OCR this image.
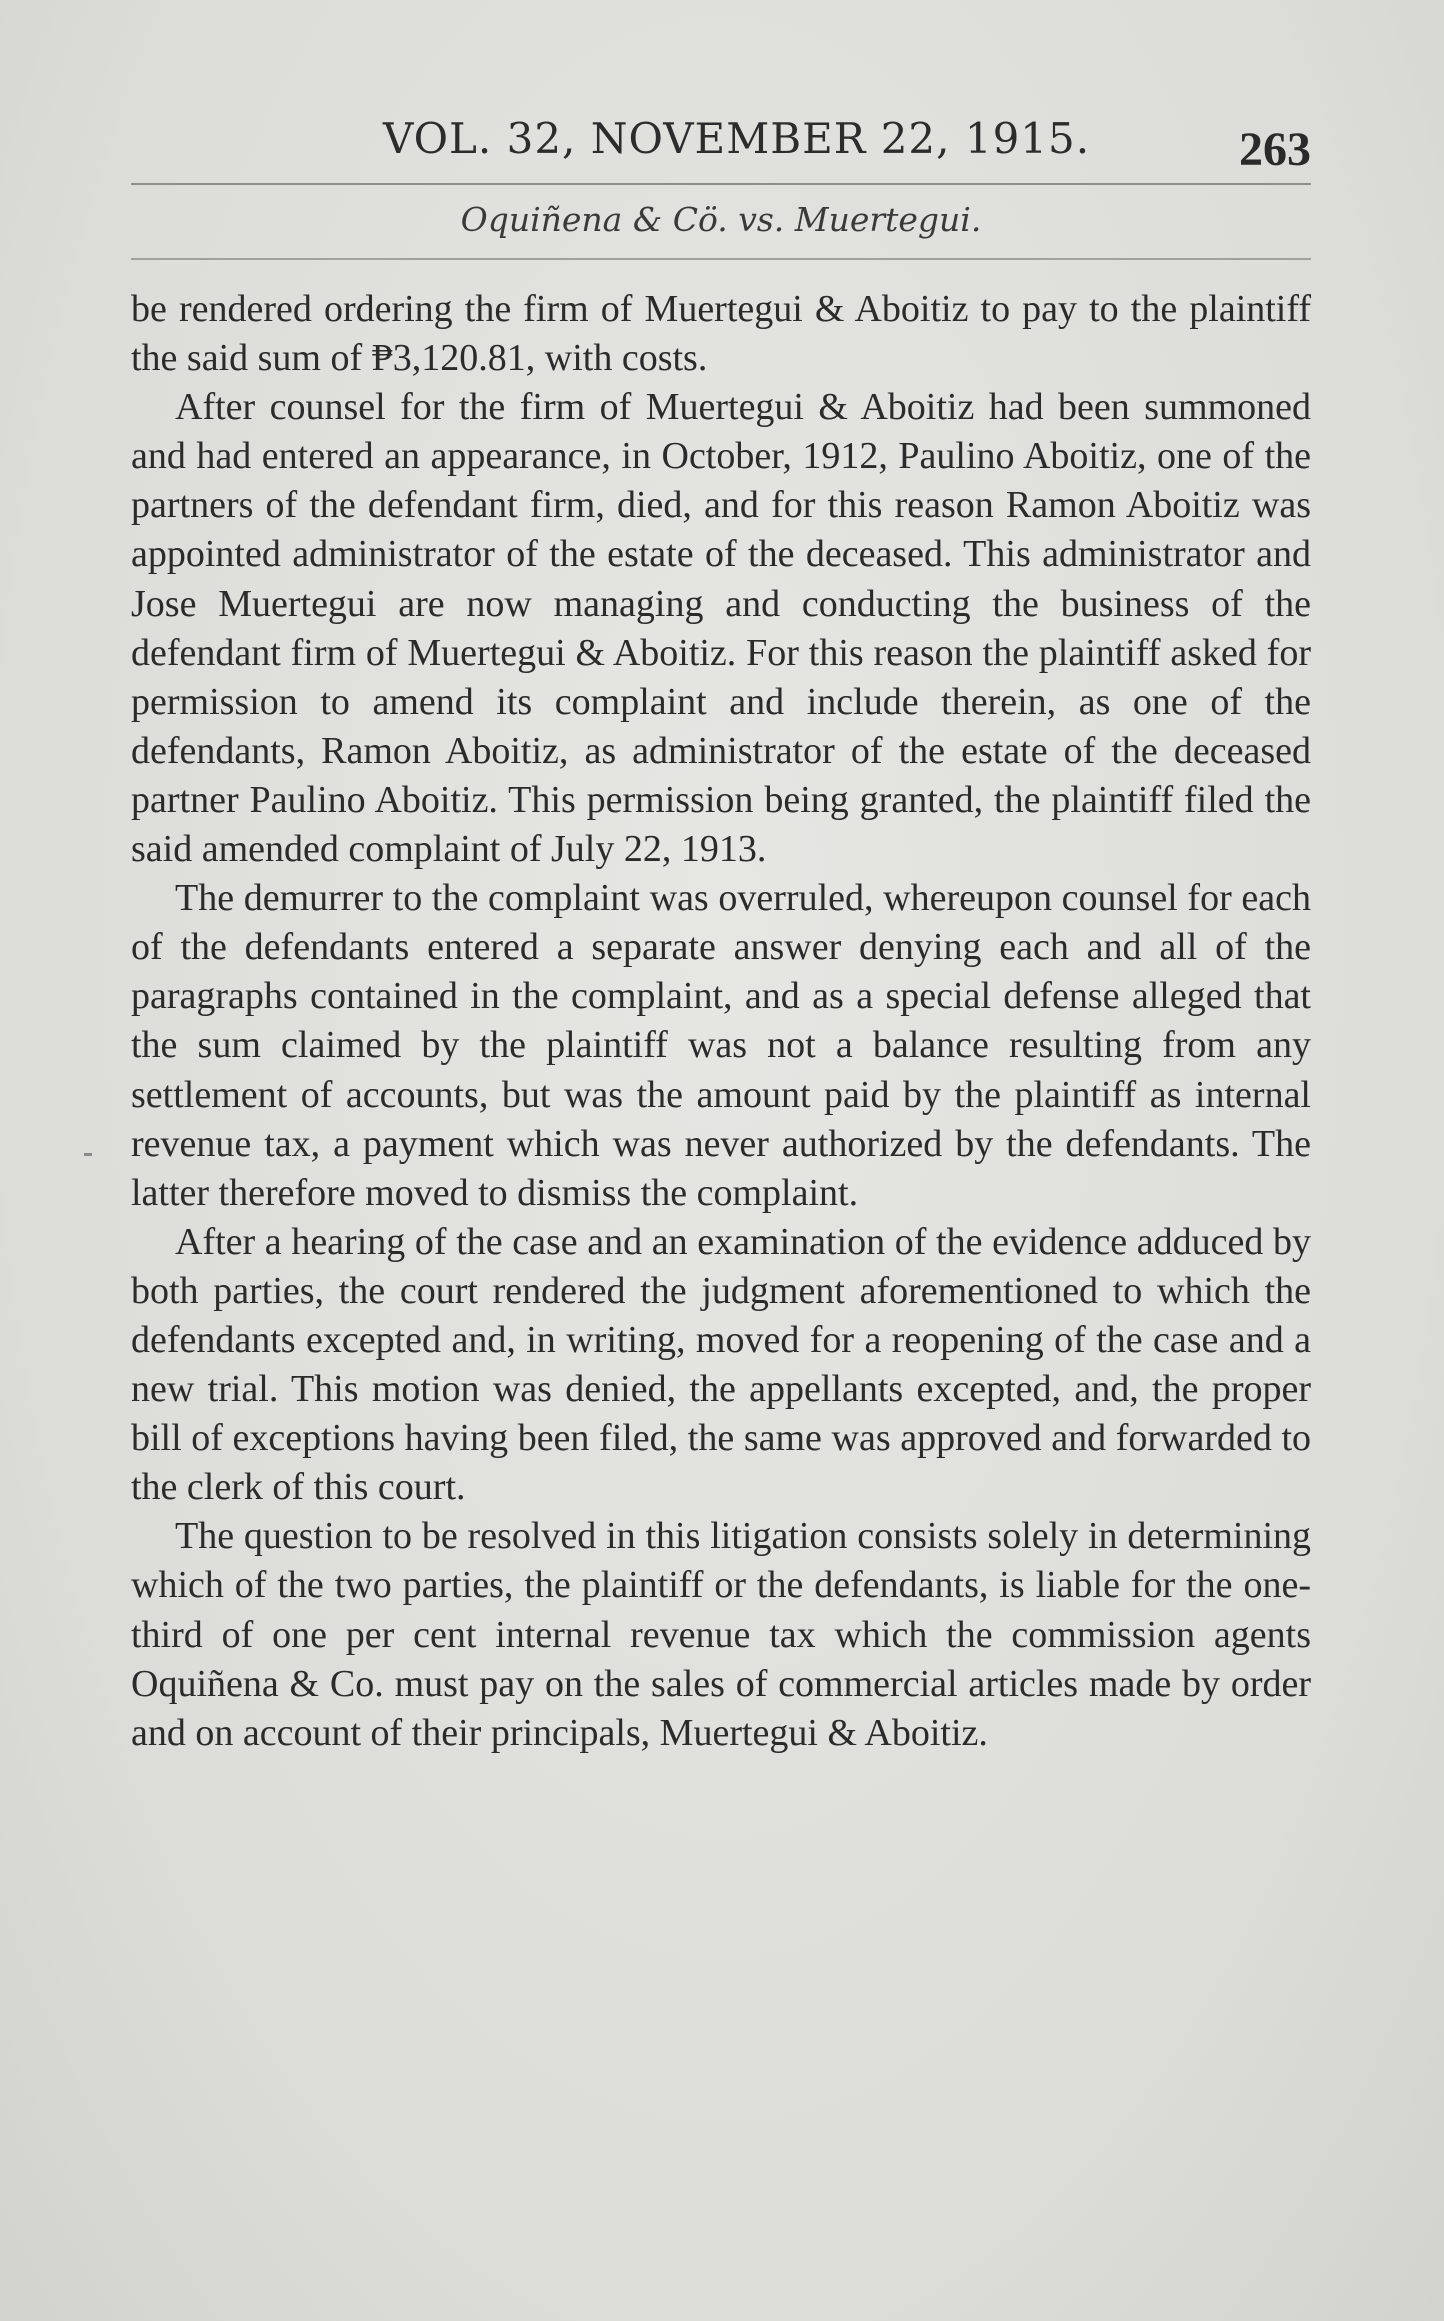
VOL. 32, NOVEMBER 22, 1915.	263
Oquiñena & Cö. vs. Muertegui.

be rendered ordering the firm of Muertegui & Aboitiz to pay to the plaintiff the said sum of ₱3,120.81, with costs.

After counsel for the firm of Muertegui & Aboitiz had been summoned and had entered an appearance, in October, 1912, Paulino Aboitiz, one of the partners of the defendant firm, died, and for this reason Ramon Aboitiz was appointed administrator of the estate of the deceased. This administrator and Jose Muertegui are now managing and conducting the business of the defendant firm of Muertegui & Aboitiz. For this reason the plaintiff asked for permission to amend its complaint and include therein, as one of the defendants, Ramon Aboitiz, as administrator of the estate of the deceased partner Paulino Aboitiz. This permission being granted, the plaintiff filed the said amended complaint of July 22, 1913.

The demurrer to the complaint was overruled, whereupon counsel for each of the defendants entered a separate answer denying each and all of the paragraphs contained in the complaint, and as a special defense alleged that the sum claimed by the plaintiff was not a balance resulting from any settlement of accounts, but was the amount paid by the plaintiff as internal revenue tax, a payment which was never authorized by the defendants. The latter therefore moved to dismiss the complaint.

After a hearing of the case and an examination of the evidence adduced by both parties, the court rendered the judgment aforementioned to which the defendants excepted and, in writing, moved for a reopening of the case and a new trial. This motion was denied, the appellants excepted, and, the proper bill of exceptions having been filed, the same was approved and forwarded to the clerk of this court.

The question to be resolved in this litigation consists solely in determining which of the two parties, the plaintiff or the defendants, is liable for the one-third of one per cent internal revenue tax which the commission agents Oquiñena & Co. must pay on the sales of commercial articles made by order and on account of their principals, Muertegui & Aboitiz.
